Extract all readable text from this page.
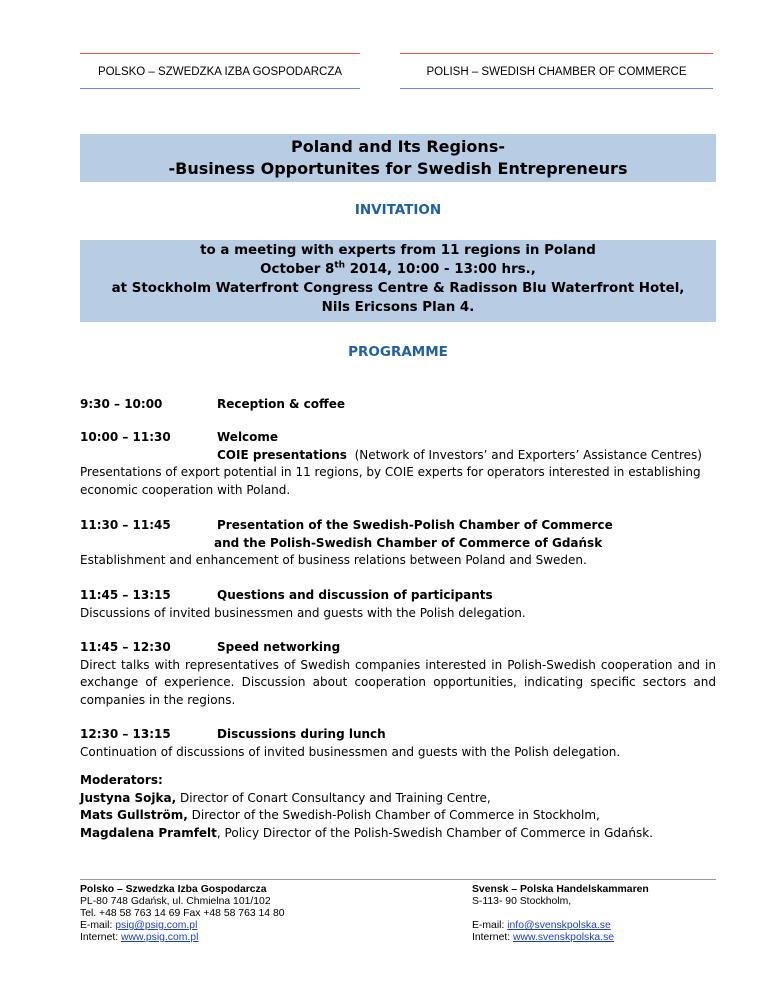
POLSKO – SZWEDZKA IZBA GOSPODARCZA	POLISH – SWEDISH CHAMBER OF COMMERCE
Poland and Its Regions-
-Business Opportunites for Swedish Entrepreneurs
INVITATION
to a meeting with experts from 11 regions in Poland
October 8th 2014, 10:00 - 13:00 hrs.,
at Stockholm Waterfront Congress Centre & Radisson Blu Waterfront Hotel,
Nils Ericsons Plan 4.
PROGRAMME
9:30 – 10:00	Reception & coffee
10:00 – 11:30	Welcome
COIE presentations (Network of Investors’ and Exporters’ Assistance Centres)
Presentations of export potential in 11 regions, by COIE experts for operators interested in establishing economic cooperation with Poland.
11:30 – 11:45	Presentation of the Swedish-Polish Chamber of Commerce
and the Polish-Swedish Chamber of Commerce of Gdańsk
Establishment and enhancement of business relations between Poland and Sweden.
11:45 – 13:15	Questions and discussion of participants
Discussions of invited businessmen and guests with the Polish delegation.
11:45 – 12:30	Speed networking
Direct talks with representatives of Swedish companies interested in Polish-Swedish cooperation and in exchange of experience. Discussion about cooperation opportunities, indicating specific sectors and companies in the regions.
12:30 – 13:15	Discussions during lunch
Continuation of discussions of invited businessmen and guests with the Polish delegation.
Moderators:
Justyna Sojka, Director of Conart Consultancy and Training Centre,
Mats Gullström, Director of the Swedish-Polish Chamber of Commerce in Stockholm,
Magdalena Pramfelt, Policy Director of the Polish-Swedish Chamber of Commerce in Gdańsk.
Polsko – Szwedzka Izba Gospodarcza
PL-80 748 Gdańsk, ul. Chmielna 101/102
Tel. +48 58 763 14 69 Fax +48 58 763 14 80
E-mail: psig@psig.com.pl
Internet: www.psig.com.pl
Svensk – Polska Handelskammaren
S-113- 90 Stockholm,

E-mail: info@svenskpolska.se
Internet: www.svenskpolska.se
